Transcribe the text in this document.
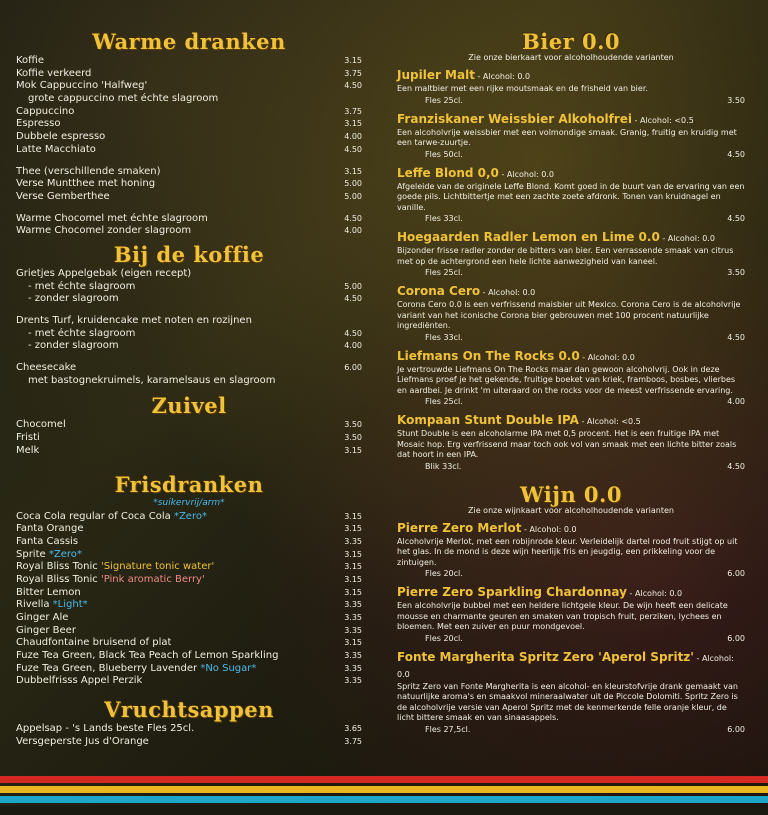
Warme dranken
Koffie	3.15
Koffie verkeerd	3.75
Mok Cappuccino 'Halfweg'	4.50
grote cappuccino met échte slagroom
Cappuccino	3.75
Espresso	3.15
Dubbele espresso	4.00
Latte Macchiato	4.50
Thee (verschillende smaken)	3.15
Verse Muntthee met honing	5.00
Verse Gemberthee	5.00
Warme Chocomel met échte slagroom	4.50
Warme Chocomel zonder slagroom	4.00
Bij de koffie
Grietjes Appelgebak (eigen recept)
- met échte slagroom	5.00
- zonder slagroom	4.50
Drents Turf, kruidencake met noten en rozijnen
- met échte slagroom	4.50
- zonder slagroom	4.00
Cheesecake	6.00
met bastognekruimels, karamelsaus en slagroom
Zuivel
Chocomel	3.50
Fristi	3.50
Melk	3.15
Frisdranken
*suikervrij/arm*
Coca Cola regular of Coca Cola *Zero*	3.15
Fanta Orange	3.15
Fanta Cassis	3.35
Sprite *Zero*	3.15
Royal Bliss Tonic 'Signature tonic water'	3.15
Royal Bliss Tonic 'Pink aromatic Berry'	3.15
Bitter Lemon	3.15
Rivella *Light*	3.35
Ginger Ale	3.35
Ginger Beer	3.35
Chaudfontaine bruisend of plat	3.15
Fuze Tea Green, Black Tea Peach of Lemon Sparkling	3.35
Fuze Tea Green, Blueberry Lavender *No Sugar*	3.35
Dubbelfrisss Appel Perzik	3.35
Vruchtsappen
Appelsap - 's Lands beste Fles 25cl.	3.65
Versgeperste Jus d'Orange	3.75
Bier 0.0
Zie onze bierkaart voor alcoholhoudende varianten
Jupiler Malt - Alcohol: 0.0
Een maltbier met een rijke moutsmaak en de frisheid van bier.
Fles 25cl.	3.50
Franziskaner Weissbier Alkoholfrei - Alcohol: <0.5
Een alcoholvrije weissbier met een volmondige smaak. Granig, fruitig en kruidig met een tarwe-zuurtje.
Fles 50cl.	4.50
Leffe Blond 0,0 - Alcohol: 0.0
Afgeleide van de originele Leffe Blond. Komt goed in de buurt van de ervaring van een goede pils. Lichtbittertje met een zachte zoete afdronk. Tonen van kruidnagel en vanille.
Fles 33cl.	4.50
Hoegaarden Radler Lemon en Lime 0.0 - Alcohol: 0.0
Bijzonder frisse radler zonder de bitters van bier. Een verrassende smaak van citrus met op de achtergrond een hele lichte aanwezigheid van kaneel.
Fles 25cl.	3.50
Corona Cero - Alcohol: 0.0
Corona Cero 0.0 is een verfrissend maisbier uit Mexico. Corona Cero is de alcoholvrije variant van het iconische Corona bier gebrouwen met 100 procent natuurlijke ingrediënten.
Fles 33cl.	4.50
Liefmans On The Rocks 0.0 - Alcohol: 0.0
Je vertrouwde Liefmans On The Rocks maar dan gewoon alcoholvrij. Ook in deze Liefmans proef je het gekende, fruitige boeket van kriek, framboos, bosbes, vlierbes en aardbei. Je drinkt 'm uiteraard on the rocks voor de meest verfrissende ervaring.
Fles 25cl.	4.00
Kompaan Stunt Double IPA - Alcohol: <0.5
Stunt Double is een alcoholarme IPA met 0,5 procent. Het is een fruitige IPA met Mosaic hop. Erg verfrissend maar toch ook vol van smaak met een lichte bitter zoals dat hoort in een IPA.
Blik 33cl.	4.50
Wijn 0.0
Zie onze wijnkaart voor alcoholhoudende varianten
Pierre Zero Merlot - Alcohol: 0.0
Alcoholvrije Merlot, met een robijnrode kleur. Verleidelijk dartel rood fruit stijgt op uit het glas. In de mond is deze wijn heerlijk fris en jeugdig, een prikkeling voor de zintuigen.
Fles 20cl.	6.00
Pierre Zero Sparkling Chardonnay - Alcohol: 0.0
Een alcoholvrije bubbel met een heldere lichtgele kleur. De wijn heeft een delicate mousse en charmante geuren en smaken van tropisch fruit, perziken, lychees en bloemen. Met een zuiver en puur mondgevoel.
Fles 20cl.	6.00
Fonte Margherita Spritz Zero 'Aperol Spritz' - Alcohol: 0.0
Spritz Zero van Fonte Margherita is een alcohol- en kleurstofvrije drank gemaakt van natuurlijke aroma's en smaakvol mineraalwater uit de Piccole Dolomiti. Spritz Zero is de alcoholvrije versie van Aperol Spritz met de kenmerkende felle oranje kleur, de licht bittere smaak en van sinaasappels.
Fles 27,5cl.	6.00
